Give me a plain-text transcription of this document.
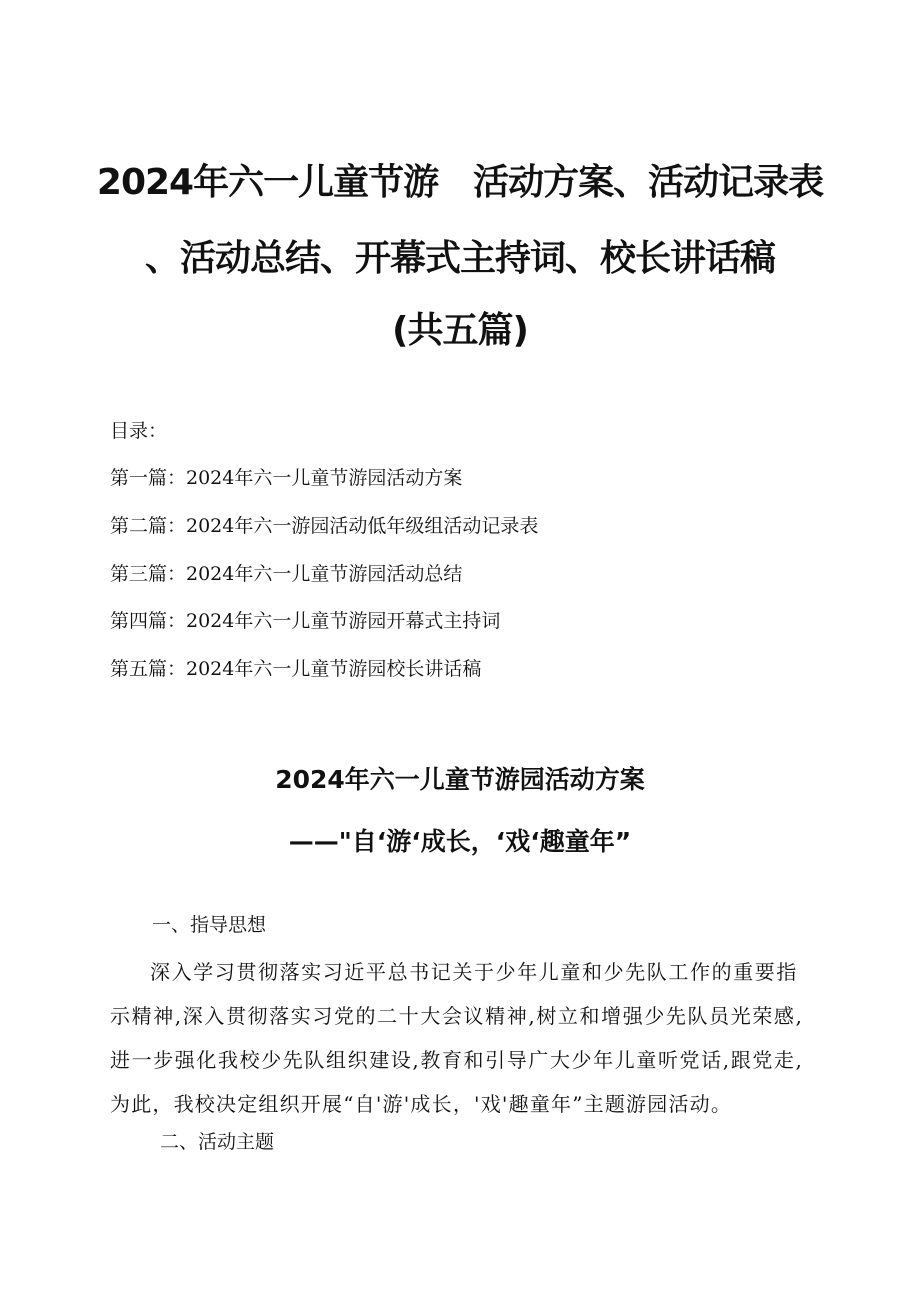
2024年六一儿童节游　活动方案、活动记录表
、活动总结、开幕式主持词、校长讲话稿
(共五篇)
目录：
第一篇：2024年六一儿童节游园活动方案
第二篇：2024年六一游园活动低年级组活动记录表
第三篇：2024年六一儿童节游园活动总结
第四篇：2024年六一儿童节游园开幕式主持词
第五篇：2024年六一儿童节游园校长讲话稿
2024年六一儿童节游园活动方案
——"自‘游‘成长，‘戏‘趣童年”
一、指导思想
深入学习贯彻落实习近平总书记关于少年儿童和少先队工作的重要指
示精神,深入贯彻落实习党的二十大会议精神,树立和增强少先队员光荣感,
进一步强化我校少先队组织建设,教育和引导广大少年儿童听党话,跟党走,
为此，我校决定组织开展“自'游'成长，'戏'趣童年”主题游园活动。
二、活动主题
